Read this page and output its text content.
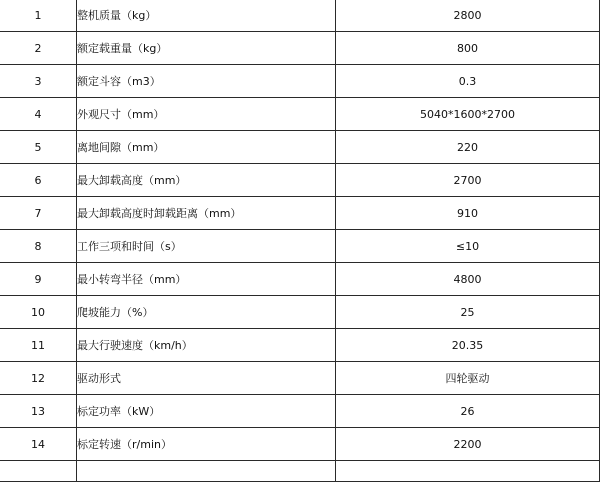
1	整机质量（kg）	2800
2	额定载重量（kg）	800
3	额定斗容（m3）	0.3
4	外观尺寸（mm）	5040*1600*2700
5	离地间隙（mm）	220
6	最大卸载高度（mm）	2700
7	最大卸载高度时卸载距离（mm）	910
8	工作三项和时间（s）	≤10
9	最小转弯半径（mm）	4800
10	爬坡能力（%）	25
11	最大行驶速度（km/h）	20.35
12	驱动形式	四轮驱动
13	标定功率（kW）	26
14	标定转速（r/min）	2200
